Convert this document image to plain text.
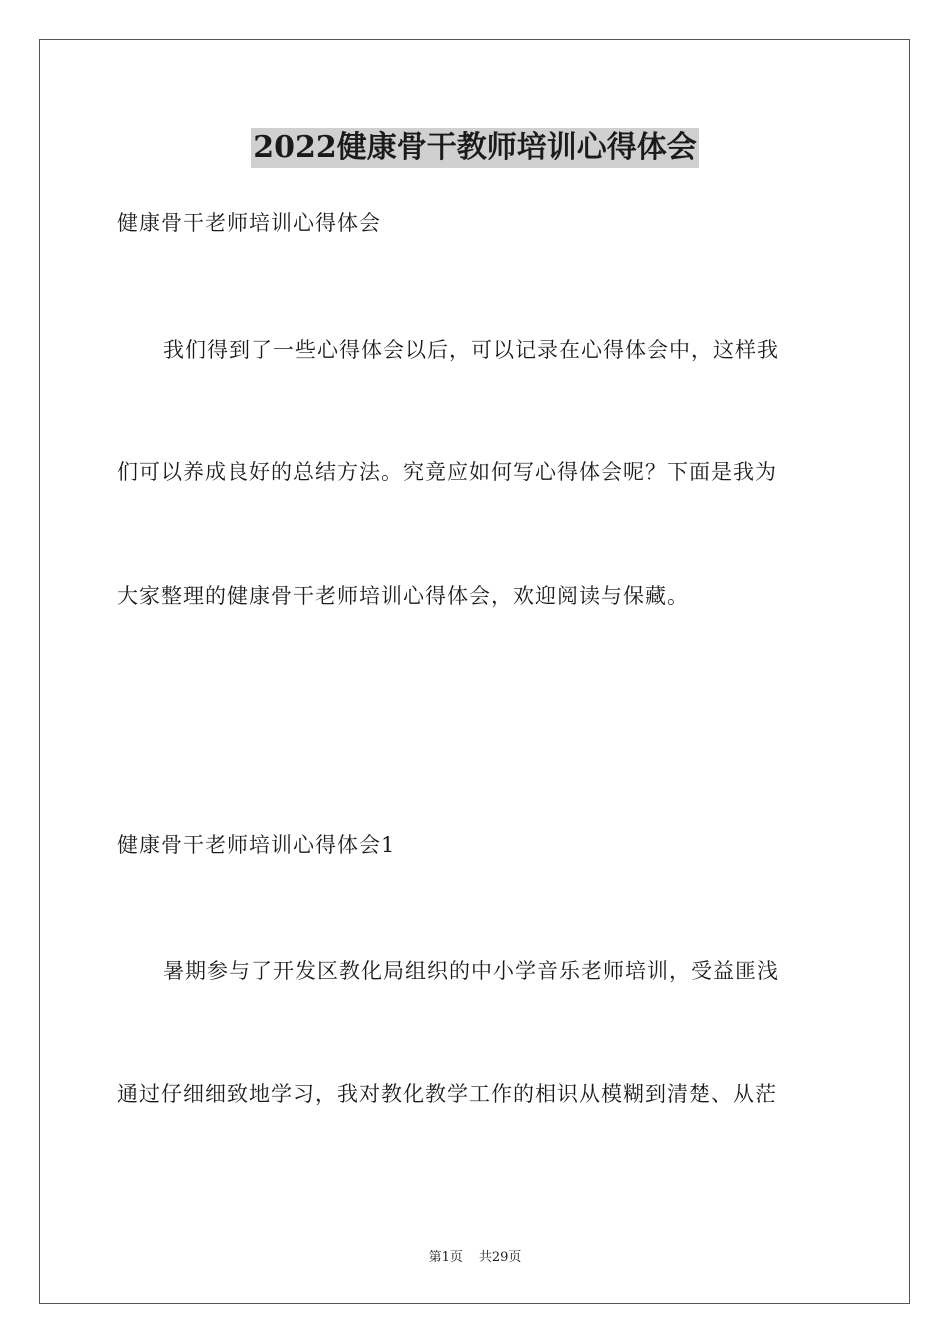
2022健康骨干教师培训心得体会
健康骨干老师培训心得体会
我们得到了一些心得体会以后，可以记录在心得体会中，这样我
们可以养成良好的总结方法。究竟应如何写心得体会呢？下面是我为
大家整理的健康骨干老师培训心得体会，欢迎阅读与保藏。
健康骨干老师培训心得体会1
暑期参与了开发区教化局组织的中小学音乐老师培训，受益匪浅
通过仔细细致地学习，我对教化教学工作的相识从模糊到清楚、从茫
第1页 共29页
